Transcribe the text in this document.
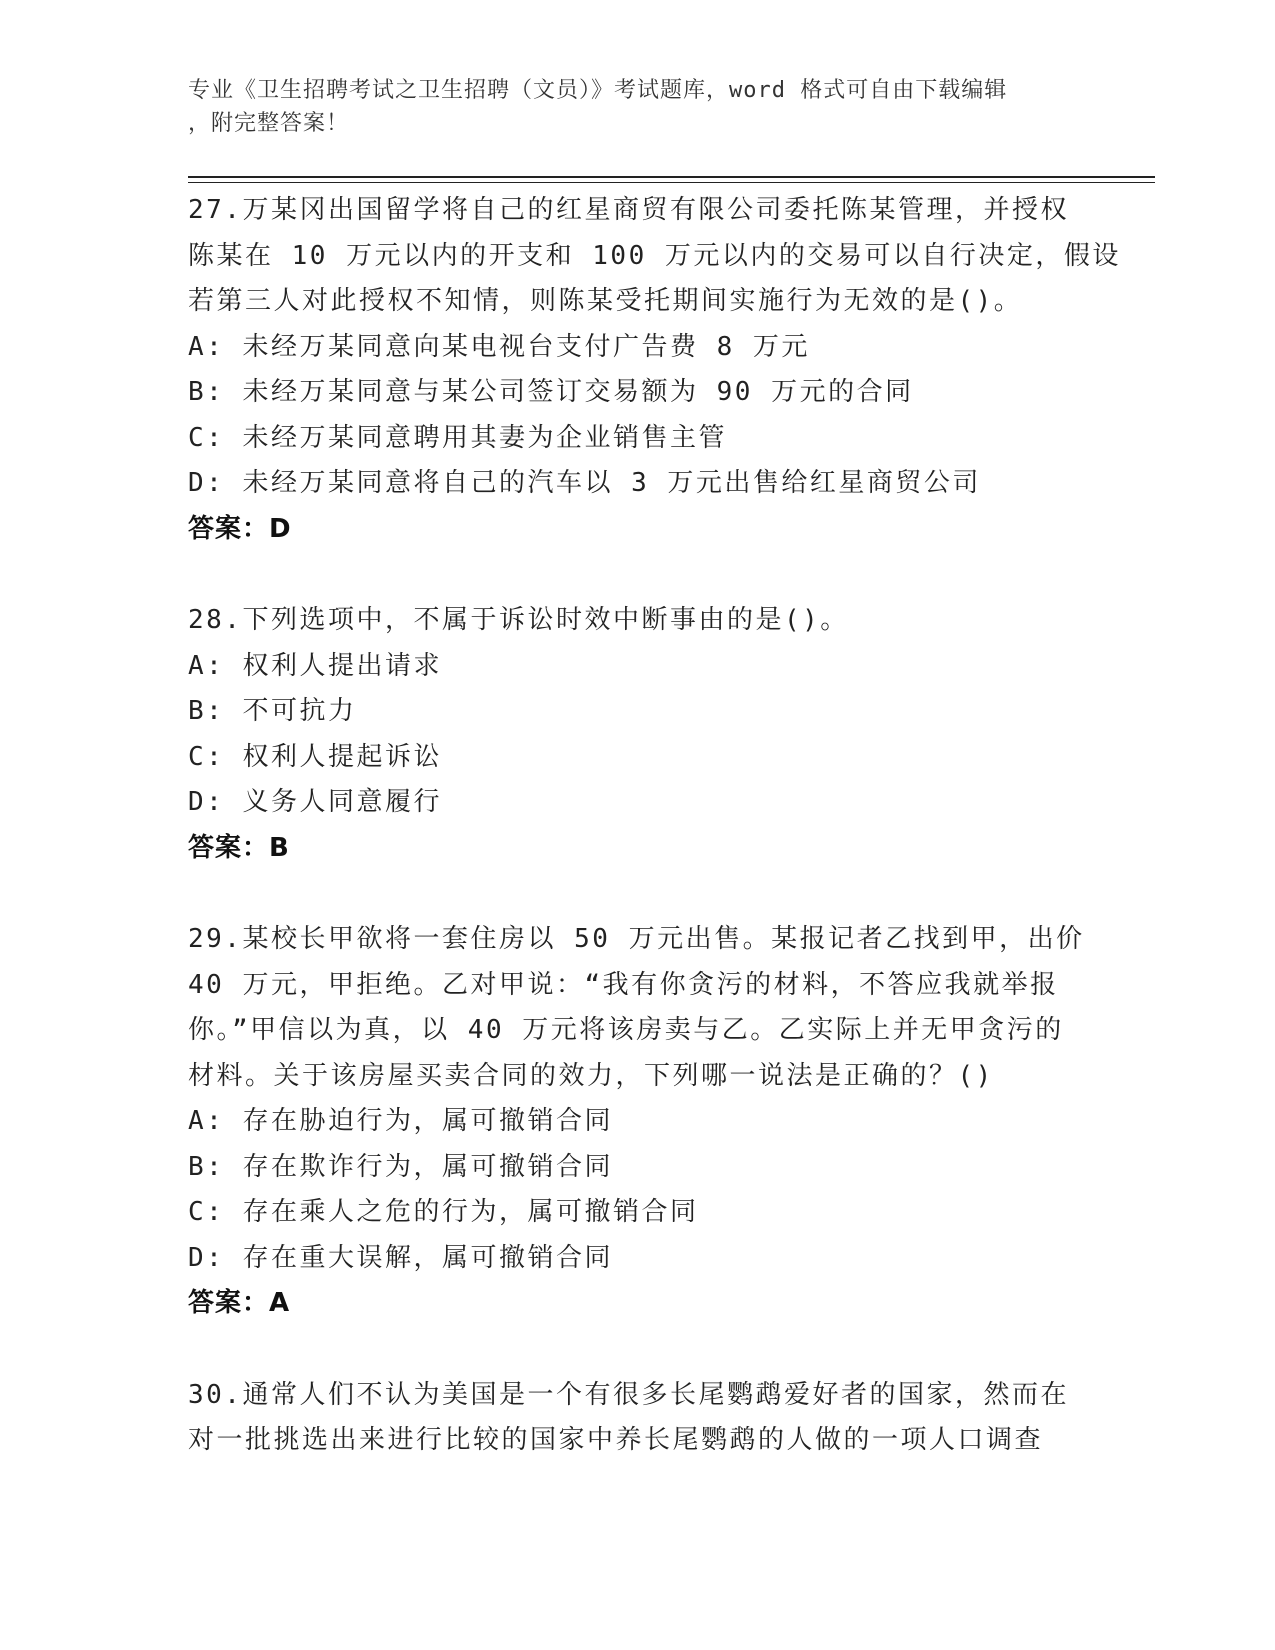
专业《卫生招聘考试之卫生招聘（文员）》考试题库，word 格式可自由下载编辑
，附完整答案！
27.万某冈出国留学将自己的红星商贸有限公司委托陈某管理，并授权
陈某在 10 万元以内的开支和 100 万元以内的交易可以自行决定，假设
若第三人对此授权不知情，则陈某受托期间实施行为无效的是()。
A: 未经万某同意向某电视台支付广告费 8 万元
B: 未经万某同意与某公司签订交易额为 90 万元的合同
C: 未经万某同意聘用其妻为企业销售主管
D: 未经万某同意将自己的汽车以 3 万元出售给红星商贸公司
答案：D
28.下列选项中，不属于诉讼时效中断事由的是()。
A: 权利人提出请求
B: 不可抗力
C: 权利人提起诉讼
D: 义务人同意履行
答案：B
29.某校长甲欲将一套住房以 50 万元出售。某报记者乙找到甲，出价
40 万元，甲拒绝。乙对甲说：“我有你贪污的材料，不答应我就举报
你。”甲信以为真，以 40 万元将该房卖与乙。乙实际上并无甲贪污的
材料。关于该房屋买卖合同的效力，下列哪一说法是正确的？()
A: 存在胁迫行为，属可撤销合同
B: 存在欺诈行为，属可撤销合同
C: 存在乘人之危的行为，属可撤销合同
D: 存在重大误解，属可撤销合同
答案：A
30.通常人们不认为美国是一个有很多长尾鹦鹉爱好者的国家，然而在
对一批挑选出来进行比较的国家中养长尾鹦鹉的人做的一项人口调查
